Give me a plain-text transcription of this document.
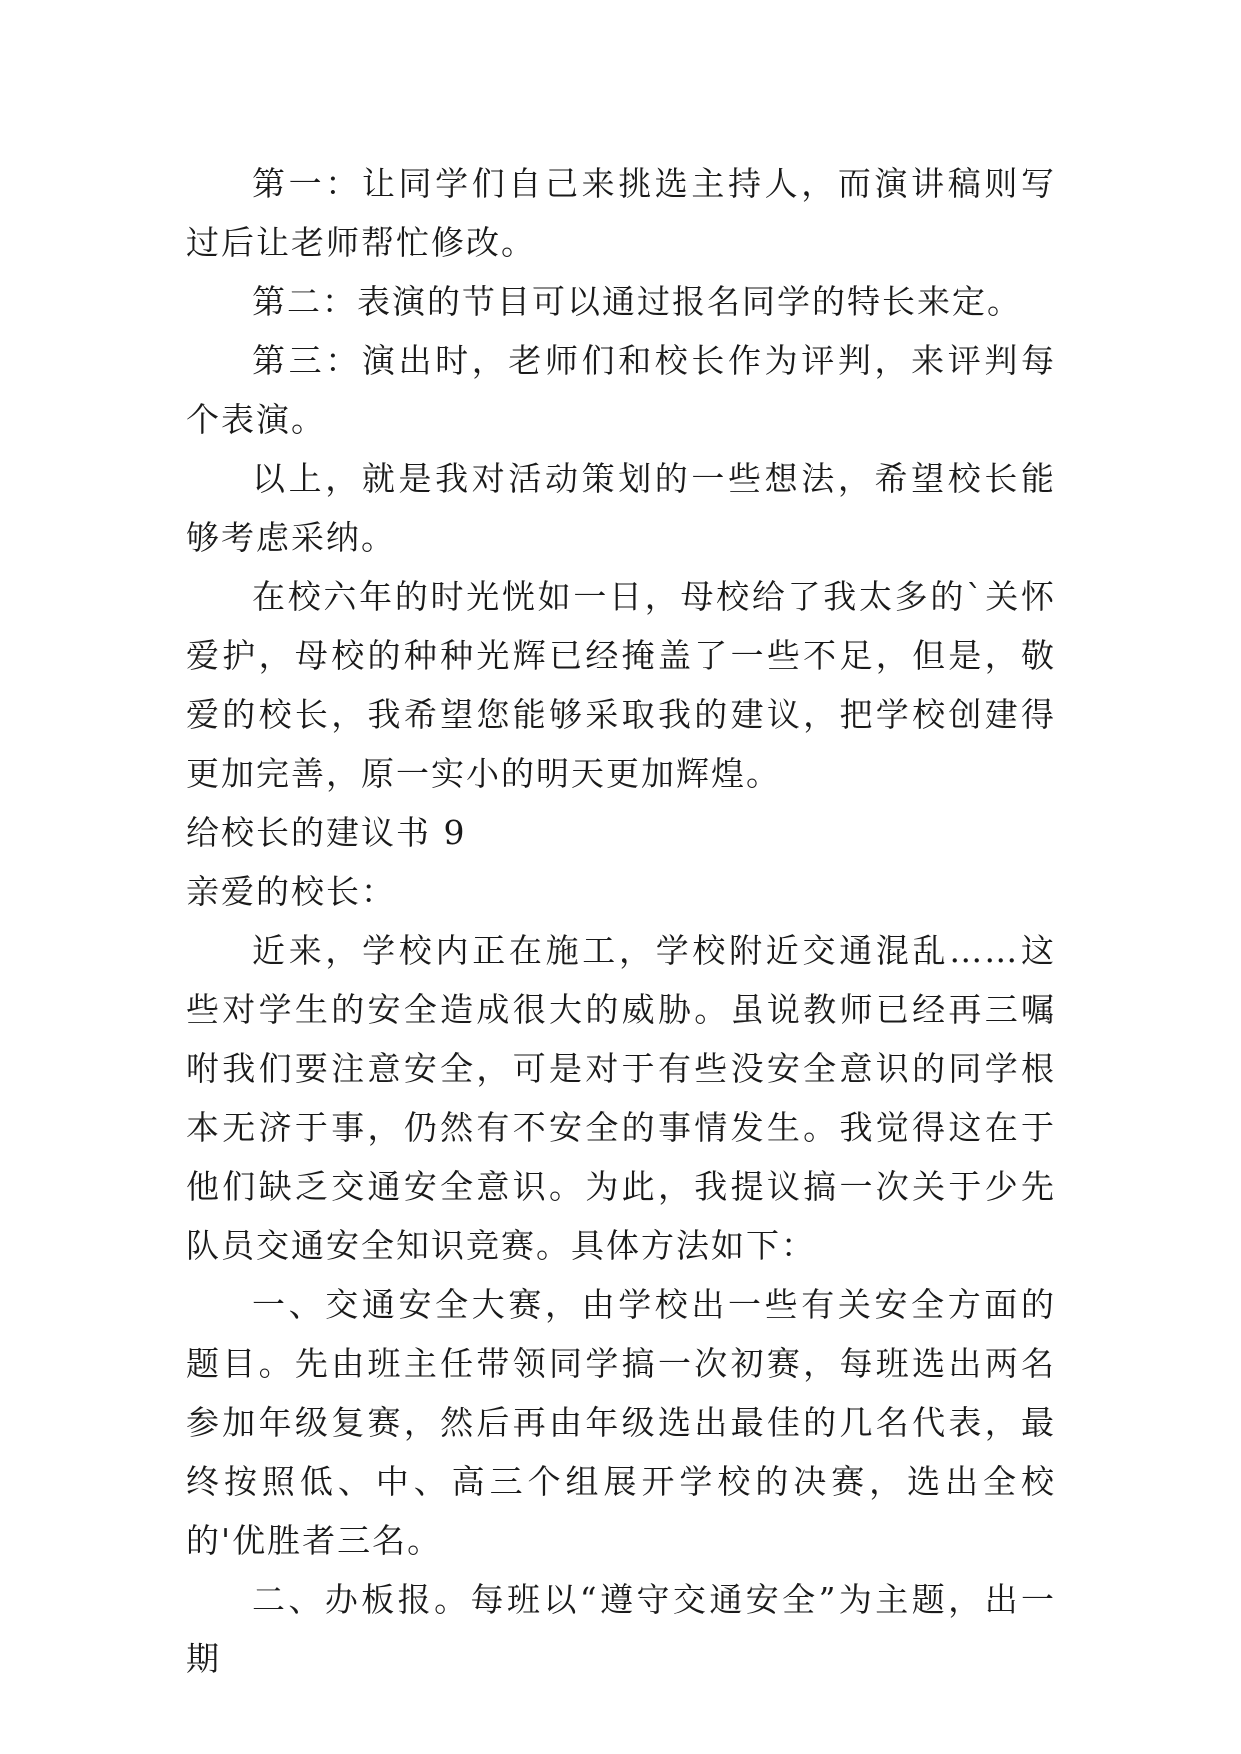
第一：让同学们自己来挑选主持人，而演讲稿则写过后让老师帮忙修改。

第二：表演的节目可以通过报名同学的特长来定。

第三：演出时，老师们和校长作为评判，来评判每个表演。

以上，就是我对活动策划的一些想法，希望校长能够考虑采纳。

在校六年的时光恍如一日，母校给了我太多的`关怀爱护，母校的种种光辉已经掩盖了一些不足，但是，敬爱的校长，我希望您能够采取我的建议，把学校创建得更加完善，原一实小的明天更加辉煌。

给校长的建议书 9

亲爱的校长：

近来，学校内正在施工，学校附近交通混乱……这些对学生的安全造成很大的威胁。虽说教师已经再三嘱咐我们要注意安全，可是对于有些没安全意识的同学根本无济于事，仍然有不安全的事情发生。我觉得这在于他们缺乏交通安全意识。为此，我提议搞一次关于少先队员交通安全知识竞赛。具体方法如下：

一、交通安全大赛，由学校出一些有关安全方面的题目。先由班主任带领同学搞一次初赛，每班选出两名参加年级复赛，然后再由年级选出最佳的几名代表，最终按照低、中、高三个组展开学校的决赛，选出全校的'优胜者三名。

二、办板报。每班以“遵守交通安全”为主题，出一期
